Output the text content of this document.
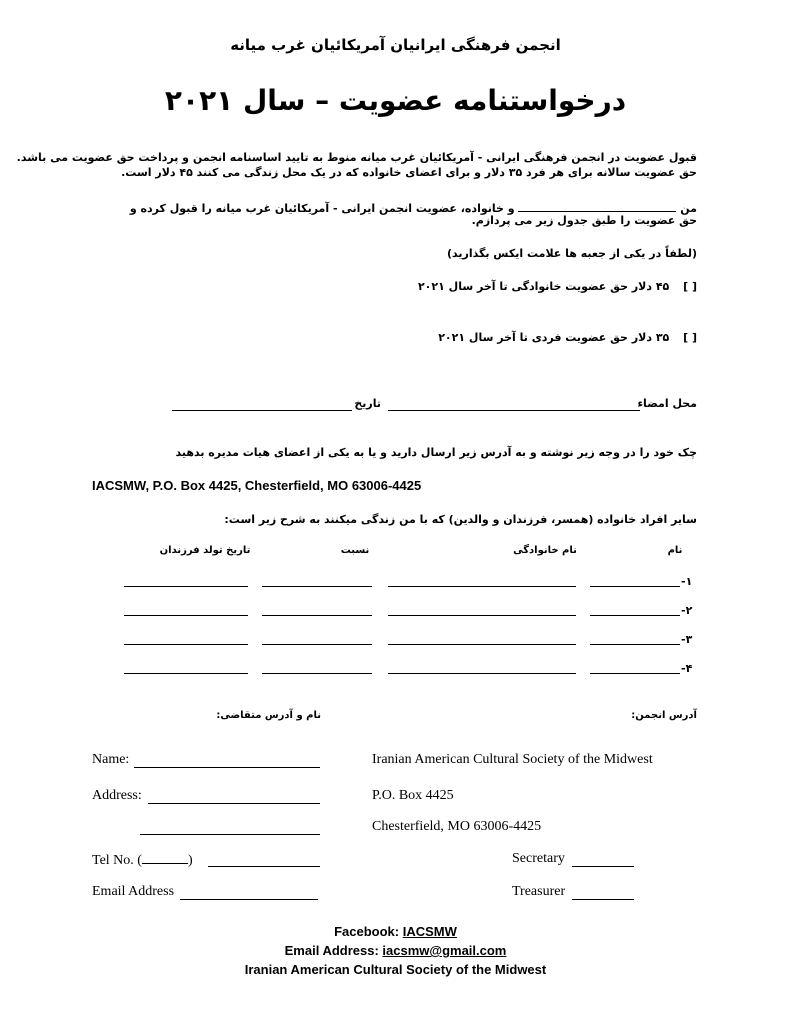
انجمن فرهنگی ایرانیان آمریکائیان غرب میانه
درخواستنامه عضویت – سال ۲۰۲۱
قبول عضویت در انجمن فرهنگی ایرانی - آمریکائیان غرب میانه منوط به تایید اساسنامه انجمن و پرداخت حق عضویت می باشد.
حق عضویت سالانه برای هر فرد ۳۵ دلار و برای اعضای خانواده که در یک محل زندگی می کنند ۴۵ دلار است.
من  و خانواده، عضویت انجمن ایرانی - آمریکائیان غرب میانه را قبول کرده و
حق عضویت را طبق جدول زیر می پردازم.
(لطفاً در یکی از جعبه ها علامت ایکس بگذارید)
[ ] ۴۵ دلار حق عضویت خانوادگی تا آخر سال ۲۰۲۱
[ ] ۳۵ دلار حق عضویت فردی تا آخر سال ۲۰۲۱
محل امضاء
تاریخ
چک خود را در وجه زیر نوشته و به آدرس زیر ارسال دارید و یا به یکی از اعضای هیات مدیره بدهید
IACSMW, P.O. Box 4425, Chesterfield, MO 63006-4425
سایر افراد خانواده (همسر، فرزندان و والدین) که با من زندگی میکنند به شرح زیر است:
نام
نام خانوادگی
نسبت
تاریخ تولد فرزندان
-۱
-۲
-۳
-۴
آدرس انجمن:
نام و آدرس متقاضی:
Name:
Address:
Tel No. (	)
Email Address
Iranian American Cultural Society of the Midwest
P.O. Box 4425
Chesterfield, MO 63006-4425
Secretary
Treasurer
Facebook: IACSMW
Email Address: iacsmw@gmail.com
Iranian American Cultural Society of the Midwest
